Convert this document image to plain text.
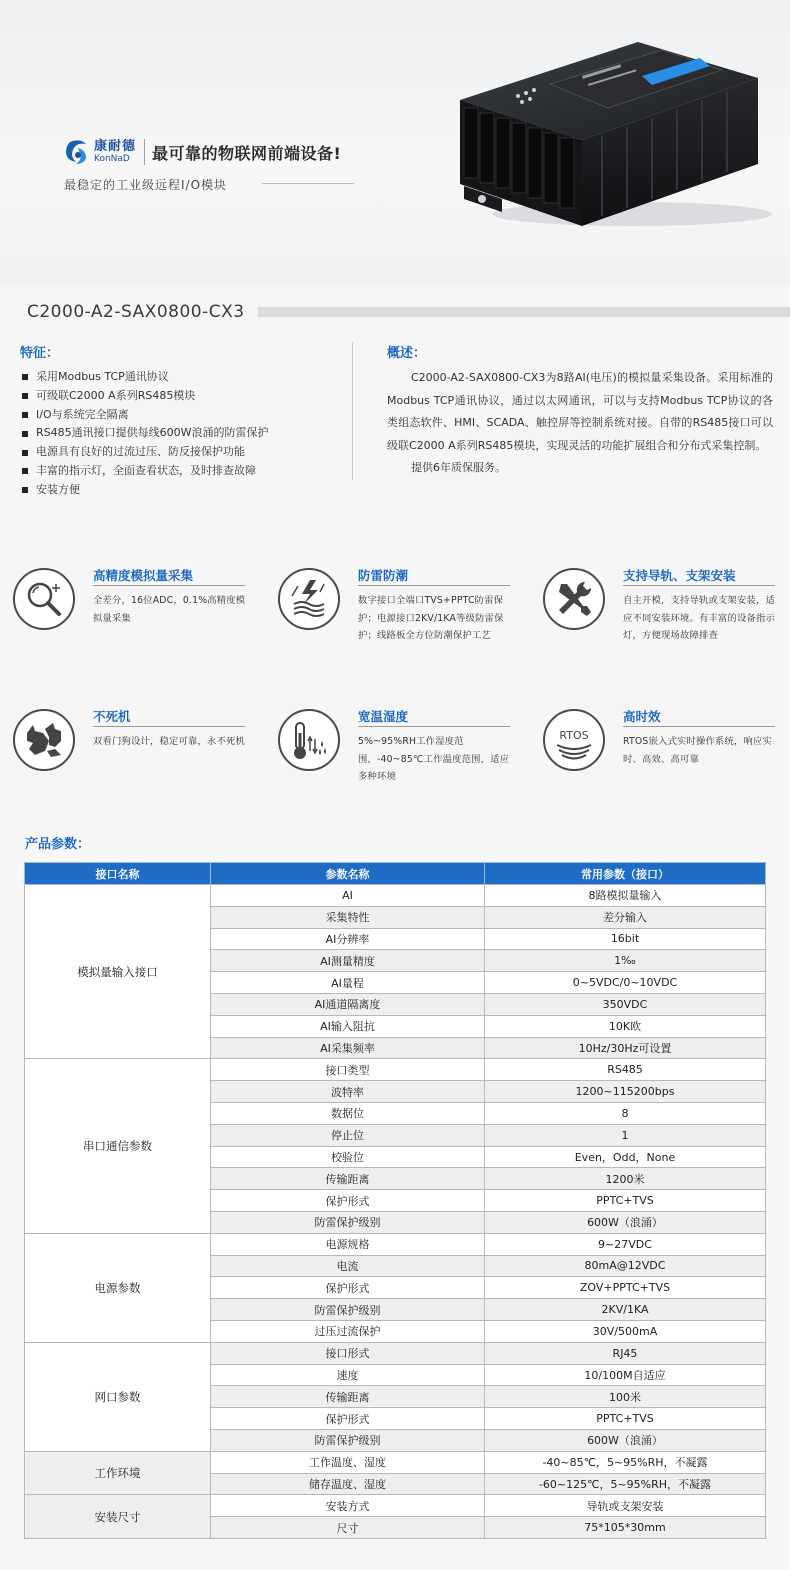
康耐德
KonNaD	最可靠的物联网前端设备!
最稳定的工业级远程I/O模块
C2000-A2-SAX0800-CX3
特征：
采用Modbus TCP通讯协议
可级联C2000 A系列RS485模块
I/O与系统完全隔离
RS485通讯接口提供每线600W浪涌的防雷保护
电源具有良好的过流过压、防反接保护功能
丰富的指示灯，全面查看状态，及时排查故障
安装方便
概述：

C2000-A2-SAX0800-CX3为8路AI(电压)的模拟量采集设备。采用标准的Modbus TCP通讯协议，通过以太网通讯，可以与支持Modbus TCP协议的各类组态软件、HMI、SCADA、触控屏等控制系统对接。自带的RS485接口可以级联C2000 A系列RS485模块，实现灵活的功能扩展组合和分布式采集控制。

提供6年质保服务。

高精度模拟量采集
全差分，16位ADC，0.1%高精度模拟量采集
防雷防潮
数字接口全端口TVS+PPTC防雷保护；电源接口2KV/1KA等级防雷保护；线路板全方位防潮保护工艺
支持导轨、支架安装
自主开模，支持导轨或支架安装，适应不同安装环境。有丰富的设备指示灯，方便现场故障排查
不死机
双看门狗设计，稳定可靠，永不死机
宽温湿度
5%~95%RH工作湿度范围，-40~85℃工作温度范围，适应多种环境
RTOS
高时效
RTOS嵌入式实时操作系统，响应实时、高效、高可靠
产品参数：
接口名称	参数名称	常用参数（接口）
模拟量输入接口	AI	8路模拟量输入
	采集特性	差分输入
	AI分辨率	16bit
	AI测量精度	1‰
	AI量程	0~5VDC/0~10VDC
	AI通道隔离度	350VDC
	AI输入阻抗	10K欧
	AI采集频率	10Hz/30Hz可设置
串口通信参数	接口类型	RS485
	波特率	1200~115200bps
	数据位	8
	停止位	1
	校验位	Even，Odd，None
	传输距离	1200米
	保护形式	PPTC+TVS
	防雷保护级别	600W（浪涌）
电源参数	电源规格	9~27VDC
	电流	80mA@12VDC
	保护形式	ZOV+PPTC+TVS
	防雷保护级别	2KV/1KA
	过压过流保护	30V/500mA
网口参数	接口形式	RJ45
	速度	10/100M自适应
	传输距离	100米
	保护形式	PPTC+TVS
	防雷保护级别	600W（浪涌）
工作环境	工作温度、湿度	-40~85℃，5~95%RH，不凝露
	储存温度、湿度	-60~125℃，5~95%RH，不凝露
安装尺寸	安装方式	导轨或支架安装
	尺寸	75*105*30mm
